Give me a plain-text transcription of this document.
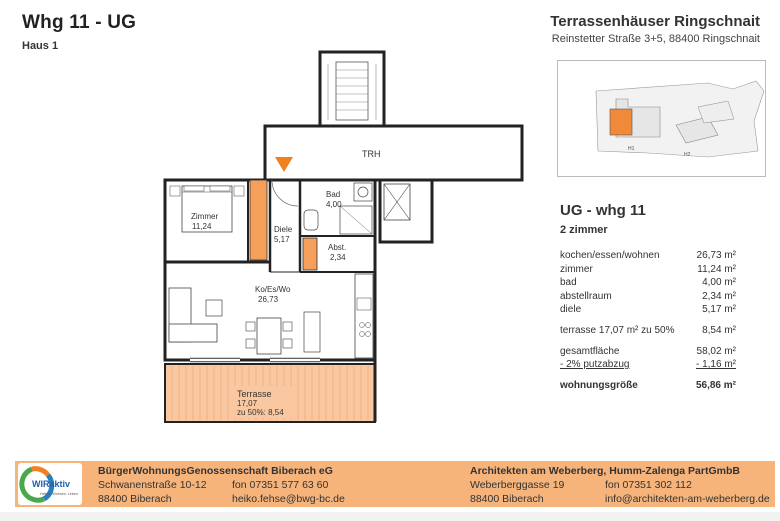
Whg 11 - UG
Haus 1
Terrassenhäuser Ringschnait
Reinstetter Straße 3+5, 88400 Ringschnait
H1
H2
TRH
Zimmer
11,24	Diele
5,17
Bad
4,00
Abst.
2,34
Ko/Es/Wo
26,73
Terrasse
17,07
zu 50%: 8,54
UG - whg 11
2 zimmer
kochen/essen/wohnen	26,73 m²
zimmer	11,24 m²
bad	4,00 m²
abstellraum	2,34 m²
diele	5,17 m²
terrasse 17,07 m² zu 50%	8,54 m²
gesamtfläche	58,02 m²
- 2% putzabzug	- 1,16 m²
wohnungsgröße	56,86 m²
WIRaktiv
Helfen. Wohnen. Leben.
BürgerWohnungsGenossenschaft Biberach eG
Schwanenstraße 10-12
88400 Biberach
fon 07351 577 63 60
heiko.fehse@bwg-bc.de
Architekten am Weberberg, Humm-Zalenga PartGmbB
Weberberggasse 19
88400 Biberach
fon 07351 302 112
info@architekten-am-weberberg.de
